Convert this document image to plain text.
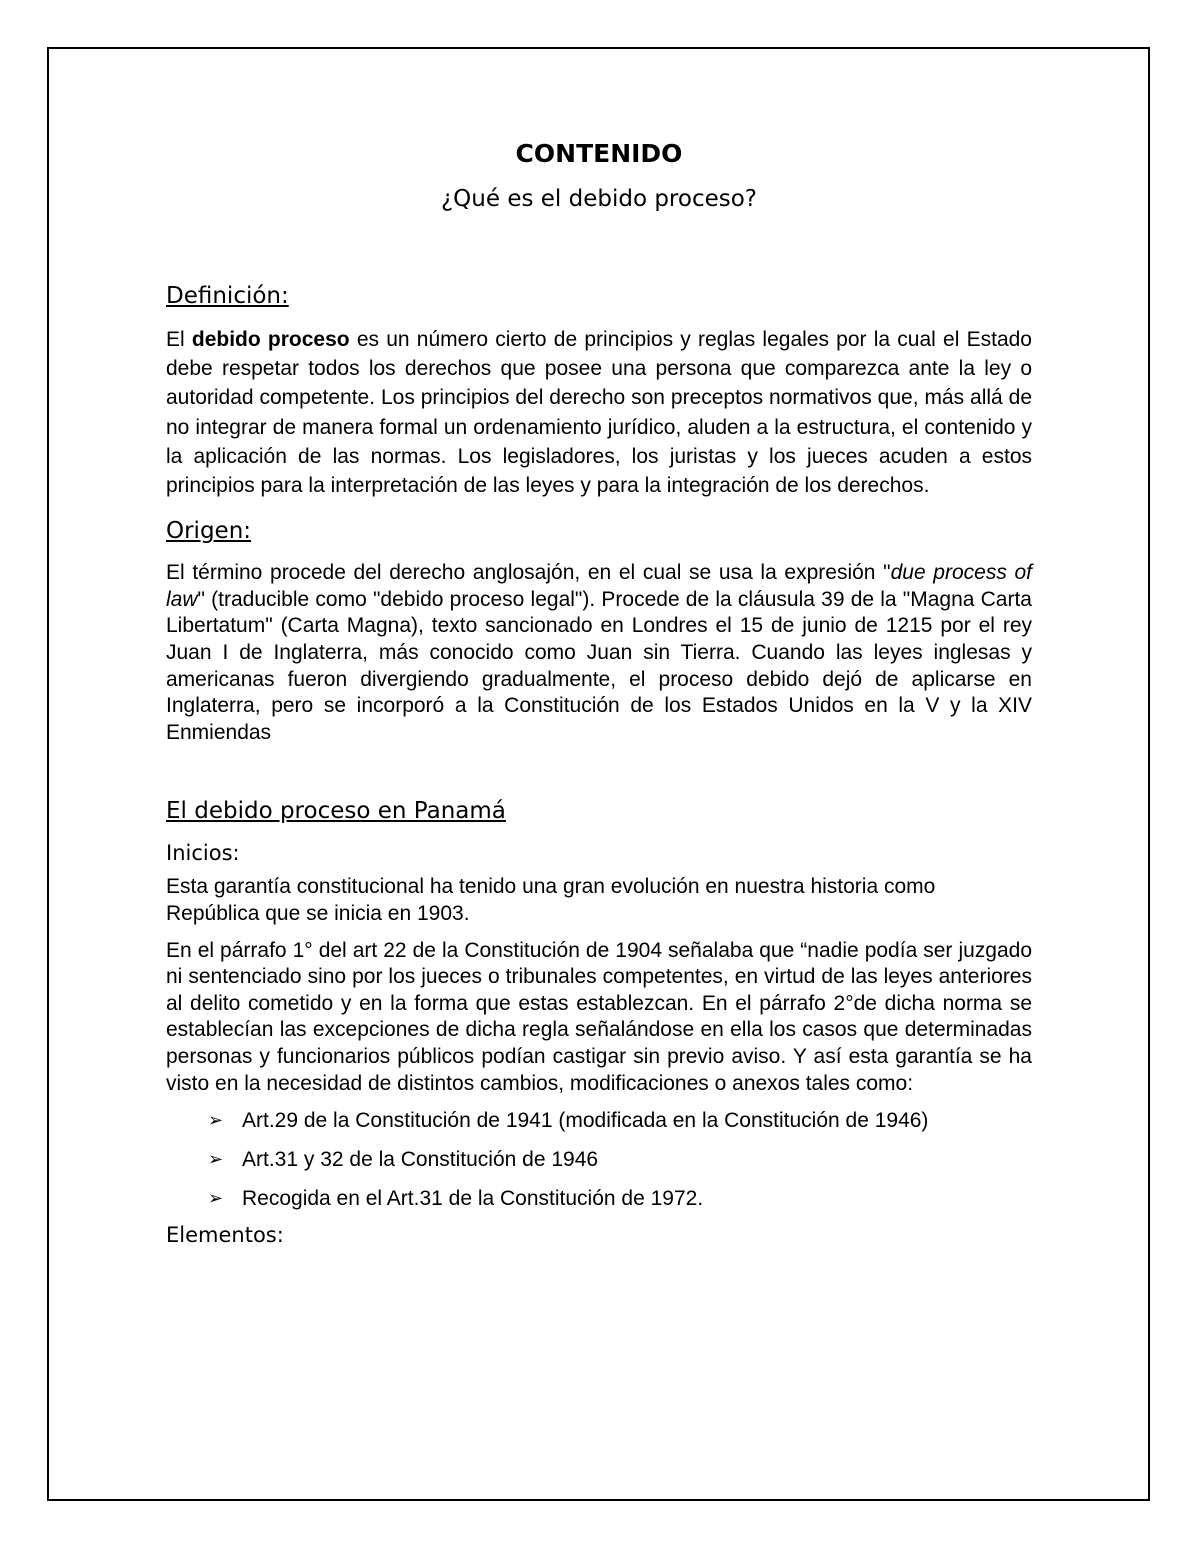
CONTENIDO
¿Qué es el debido proceso?
Definición:

El debido proceso es un número cierto de principios y reglas legales por la cual el Estado debe respetar todos los derechos que posee una persona que comparezca ante la ley o autoridad competente. Los principios del derecho son preceptos normativos que, más allá de no integrar de manera formal un ordenamiento jurídico, aluden a la estructura, el contenido y la aplicación de las normas. Los legisladores, los juristas y los jueces acuden a estos principios para la interpretación de las leyes y para la integración de los derechos.

Origen:

El término procede del derecho anglosajón, en el cual se usa la expresión "due process of law" (traducible como "debido proceso legal"). Procede de la cláusula 39 de la "Magna Carta Libertatum" (Carta Magna), texto sancionado en Londres el 15 de junio de 1215 por el rey Juan I de Inglaterra, más conocido como Juan sin Tierra. Cuando las leyes inglesas y americanas fueron divergiendo gradualmente, el proceso debido dejó de aplicarse en Inglaterra, pero se incorporó a la Constitución de los Estados Unidos en la V y la XIV Enmiendas

El debido proceso en Panamá

Inicios:

Esta garantía constitucional ha tenido una gran evolución en nuestra historia como República que se inicia en 1903.

En el párrafo 1° del art 22 de la Constitución de 1904 señalaba que “nadie podía ser juzgado ni sentenciado sino por los jueces o tribunales competentes, en virtud de las leyes anteriores al delito cometido y en la forma que estas establezcan. En el párrafo 2°de dicha norma se establecían las excepciones de dicha regla señalándose en ella los casos que determinadas personas y funcionarios públicos podían castigar sin previo aviso. Y así esta garantía se ha visto en la necesidad de distintos cambios, modificaciones o anexos tales como:

➢ Art.29 de la Constitución de 1941 (modificada en la Constitución de 1946)
➢ Art.31 y 32 de la Constitución de 1946
➢ Recogida en el Art.31 de la Constitución de 1972.

Elementos:
